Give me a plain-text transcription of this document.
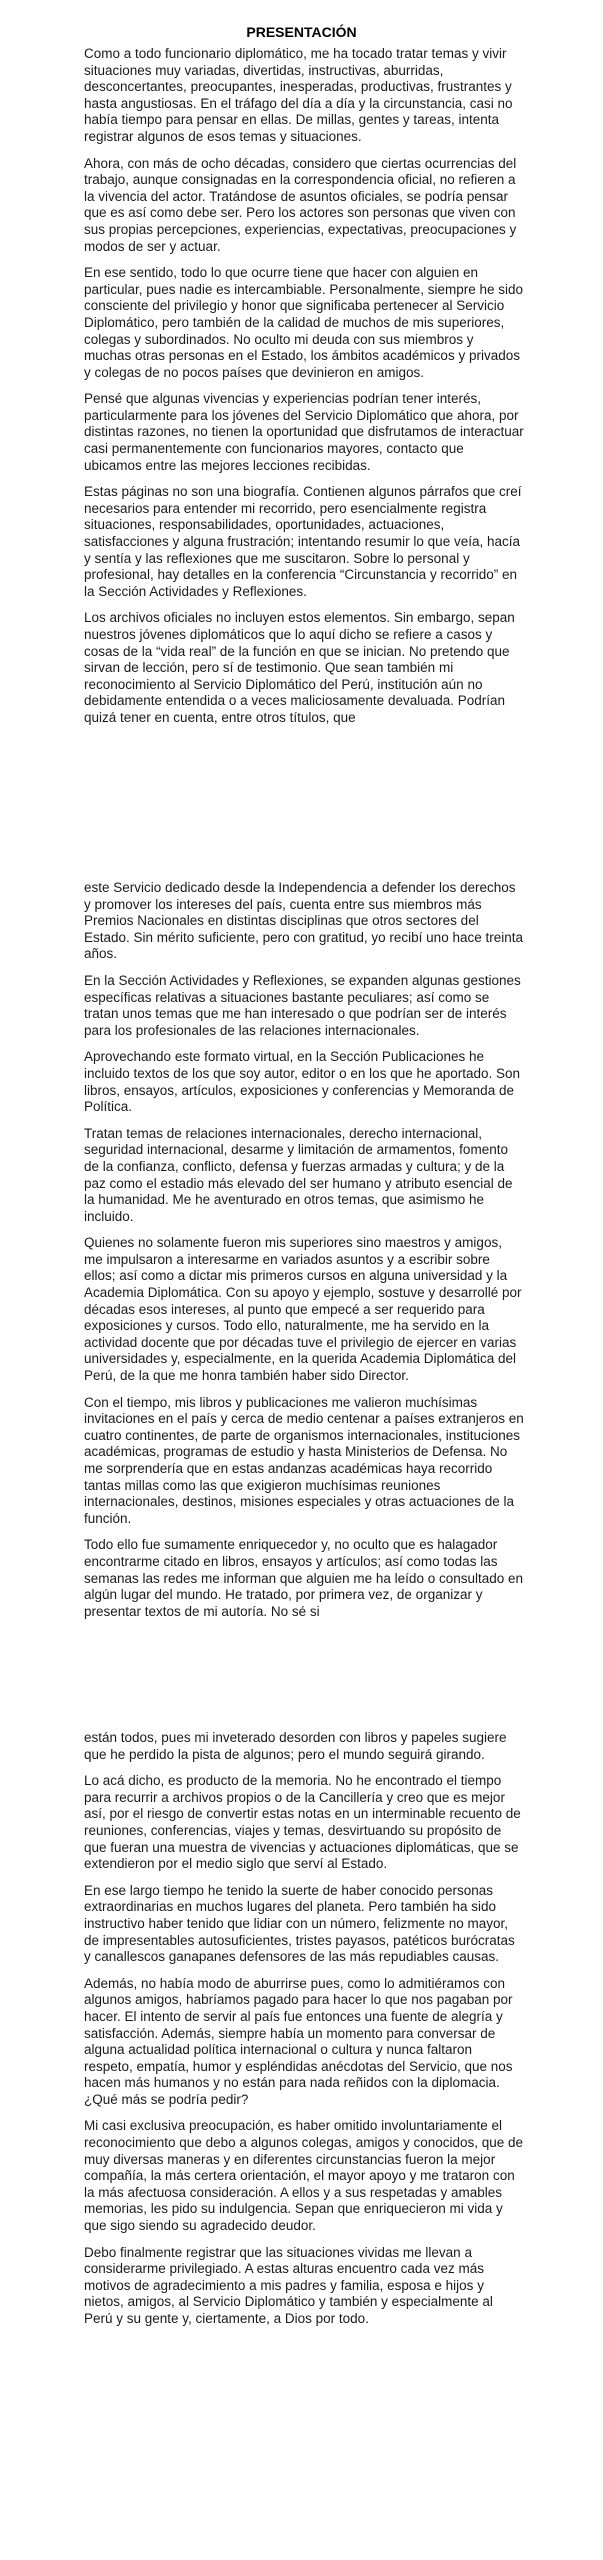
PRESENTACIÓN

Como a todo funcionario diplomático, me ha tocado tratar temas y vivir situaciones muy variadas, divertidas, instructivas, aburridas, desconcertantes, preocupantes, inesperadas, productivas, frustrantes y hasta angustiosas. En el tráfago del día a día y la circunstancia, casi no había tiempo para pensar en ellas. De millas, gentes y tareas, intenta registrar algunos de esos temas y situaciones.

Ahora, con más de ocho décadas, considero que ciertas ocurrencias del trabajo, aunque consignadas en la correspondencia oficial, no refieren a la vivencia del actor. Tratándose de asuntos oficiales, se podría pensar que es así como debe ser. Pero los actores son personas que viven con sus propias percepciones, experiencias, expectativas, preocupaciones y modos de ser y actuar.

En ese sentido, todo lo que ocurre tiene que hacer con alguien en particular, pues nadie es intercambiable. Personalmente, siempre he sido consciente del privilegio y honor que significaba pertenecer al Servicio Diplomático, pero también de la calidad de muchos de mis superiores, colegas y subordinados. No oculto mi deuda con sus miembros y muchas otras personas en el Estado, los ámbitos académicos y privados y colegas de no pocos países que devinieron en amigos.

Pensé que algunas vivencias y experiencias podrían tener interés, particularmente para los jóvenes del Servicio Diplomático que ahora, por distintas razones, no tienen la oportunidad que disfrutamos de interactuar casi permanentemente con funcionarios mayores, contacto que ubicamos entre las mejores lecciones recibidas.

Estas páginas no son una biografía. Contienen algunos párrafos que creí necesarios para entender mi recorrido, pero esencialmente registra situaciones, responsabilidades, oportunidades, actuaciones, satisfacciones y alguna frustración; intentando resumir lo que veía, hacía y sentía y las reflexiones que me suscitaron. Sobre lo personal y profesional, hay detalles en la conferencia “Circunstancia y recorrido” en la Sección Actividades y Reflexiones.

Los archivos oficiales no incluyen estos elementos. Sin embargo, sepan nuestros jóvenes diplomáticos que lo aquí dicho se refiere a casos y cosas de la “vida real” de la función en que se inician. No pretendo que sirvan de lección, pero sí de testimonio. Que sean también mi reconocimiento al Servicio Diplomático del Perú, institución aún no debidamente entendida o a veces maliciosamente devaluada. Podrían quizá tener en cuenta, entre otros títulos, que

este Servicio dedicado desde la Independencia a defender los derechos y promover los intereses del país, cuenta entre sus miembros más Premios Nacionales en distintas disciplinas que otros sectores del Estado. Sin mérito suficiente, pero con gratitud, yo recibí uno hace treinta años.

En la Sección Actividades y Reflexiones, se expanden algunas gestiones específicas relativas a situaciones bastante peculiares; así como se tratan unos temas que me han interesado o que podrían ser de interés para los profesionales de las relaciones internacionales.

Aprovechando este formato virtual, en la Sección Publicaciones he incluido textos de los que soy autor, editor o en los que he aportado. Son libros, ensayos, artículos, exposiciones y conferencias y Memoranda de Política.

Tratan temas de relaciones internacionales, derecho internacional, seguridad internacional, desarme y limitación de armamentos, fomento de la confianza, conflicto, defensa y fuerzas armadas y cultura; y de la paz como el estadio más elevado del ser humano y atributo esencial de la humanidad. Me he aventurado en otros temas, que asimismo he incluido.

Quienes no solamente fueron mis superiores sino maestros y amigos, me impulsaron a interesarme en variados asuntos y a escribir sobre ellos; así como a dictar mis primeros cursos en alguna universidad y la Academia Diplomática. Con su apoyo y ejemplo, sostuve y desarrollé por décadas esos intereses, al punto que empecé a ser requerido para exposiciones y cursos. Todo ello, naturalmente, me ha servido en la actividad docente que por décadas tuve el privilegio de ejercer en varias universidades y, especialmente, en la querida Academia Diplomática del Perú, de la que me honra también haber sido Director.

Con el tiempo, mis libros y publicaciones me valieron muchísimas invitaciones en el país y cerca de medio centenar a países extranjeros en cuatro continentes, de parte de organismos internacionales, instituciones académicas, programas de estudio y hasta Ministerios de Defensa. No me sorprendería que en estas andanzas académicas haya recorrido tantas millas como las que exigieron muchísimas reuniones internacionales, destinos, misiones especiales y otras actuaciones de la función.

Todo ello fue sumamente enriquecedor y, no oculto que es halagador encontrarme citado en libros, ensayos y artículos; así como todas las semanas las redes me informan que alguien me ha leído o consultado en algún lugar del mundo. He tratado, por primera vez, de organizar y presentar textos de mi autoría. No sé si

están todos, pues mi inveterado desorden con libros y papeles sugiere que he perdido la pista de algunos; pero el mundo seguirá girando.

Lo acá dicho, es producto de la memoria. No he encontrado el tiempo para recurrir a archivos propios o de la Cancillería y creo que es mejor así, por el riesgo de convertir estas notas en un interminable recuento de reuniones, conferencias, viajes y temas, desvirtuando su propósito de que fueran una muestra de vivencias y actuaciones diplomáticas, que se extendieron por el medio siglo que serví al Estado.

En ese largo tiempo he tenido la suerte de haber conocido personas extraordinarias en muchos lugares del planeta. Pero también ha sido instructivo haber tenido que lidiar con un número, felizmente no mayor, de impresentables autosuficientes, tristes payasos, patéticos burócratas y canallescos ganapanes defensores de las más repudiables causas.

Además, no había modo de aburrirse pues, como lo admitiéramos con algunos amigos, habríamos pagado para hacer lo que nos pagaban por hacer. El intento de servir al país fue entonces una fuente de alegría y satisfacción. Además, siempre había un momento para conversar de alguna actualidad política internacional o cultura y nunca faltaron respeto, empatía, humor y espléndidas anécdotas del Servicio, que nos hacen más humanos y no están para nada reñidos con la diplomacia. ¿Qué más se podría pedir?

Mi casi exclusiva preocupación, es haber omitido involuntariamente el reconocimiento que debo a algunos colegas, amigos y conocidos, que de muy diversas maneras y en diferentes circunstancias fueron la mejor compañía, la más certera orientación, el mayor apoyo y me trataron con la más afectuosa consideración. A ellos y a sus respetadas y amables memorias, les pido su indulgencia. Sepan que enriquecieron mi vida y que sigo siendo su agradecido deudor.

Debo finalmente registrar que las situaciones vividas me llevan a considerarme privilegiado. A estas alturas encuentro cada vez más motivos de agradecimiento a mis padres y familia, esposa e hijos y nietos, amigos, al Servicio Diplomático y también y especialmente al Perú y su gente y, ciertamente, a Dios por todo.
